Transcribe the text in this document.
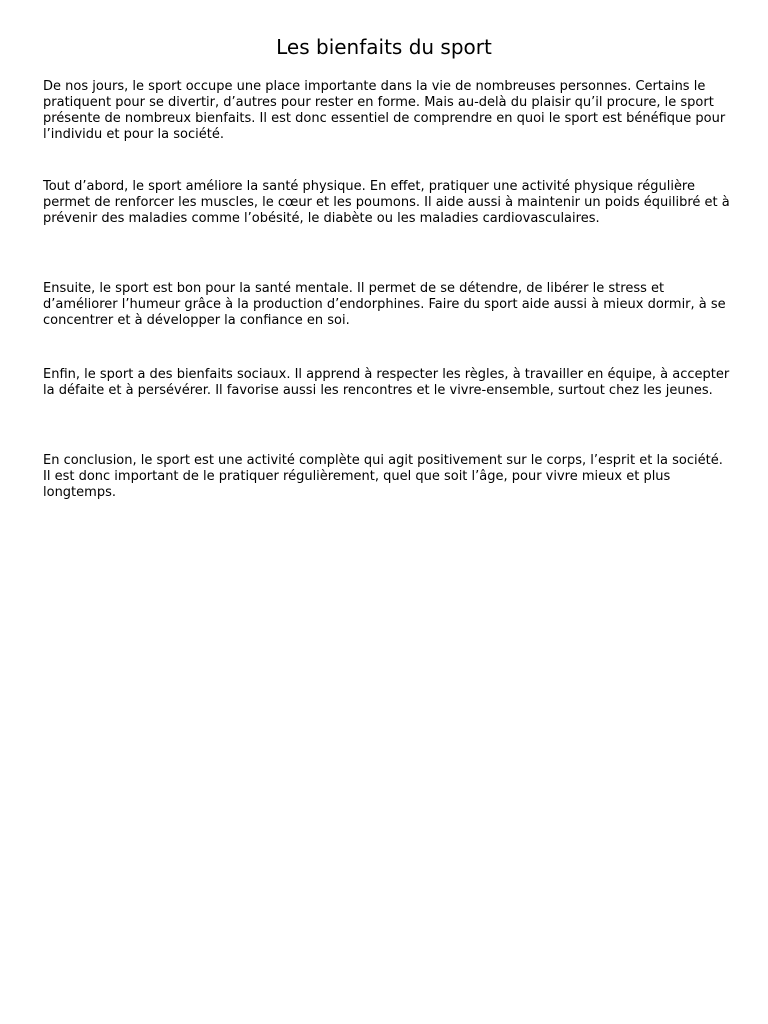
Les bienfaits du sport

De nos jours, le sport occupe une place importante dans la vie de nombreuses personnes. Certains le pratiquent pour se divertir, d’autres pour rester en forme. Mais au-delà du plaisir qu’il procure, le sport présente de nombreux bienfaits. Il est donc essentiel de comprendre en quoi le sport est bénéfique pour l’individu et pour la société.

Tout d’abord, le sport améliore la santé physique. En effet, pratiquer une activité physique régulière permet de renforcer les muscles, le cœur et les poumons. Il aide aussi à maintenir un poids équilibré et à prévenir des maladies comme l’obésité, le diabète ou les maladies cardiovasculaires.

Ensuite, le sport est bon pour la santé mentale. Il permet de se détendre, de libérer le stress et d’améliorer l’humeur grâce à la production d’endorphines. Faire du sport aide aussi à mieux dormir, à se concentrer et à développer la confiance en soi.

Enfin, le sport a des bienfaits sociaux. Il apprend à respecter les règles, à travailler en équipe, à accepter la défaite et à persévérer. Il favorise aussi les rencontres et le vivre-ensemble, surtout chez les jeunes.

En conclusion, le sport est une activité complète qui agit positivement sur le corps, l’esprit et la société. Il est donc important de le pratiquer régulièrement, quel que soit l’âge, pour vivre mieux et plus longtemps.
